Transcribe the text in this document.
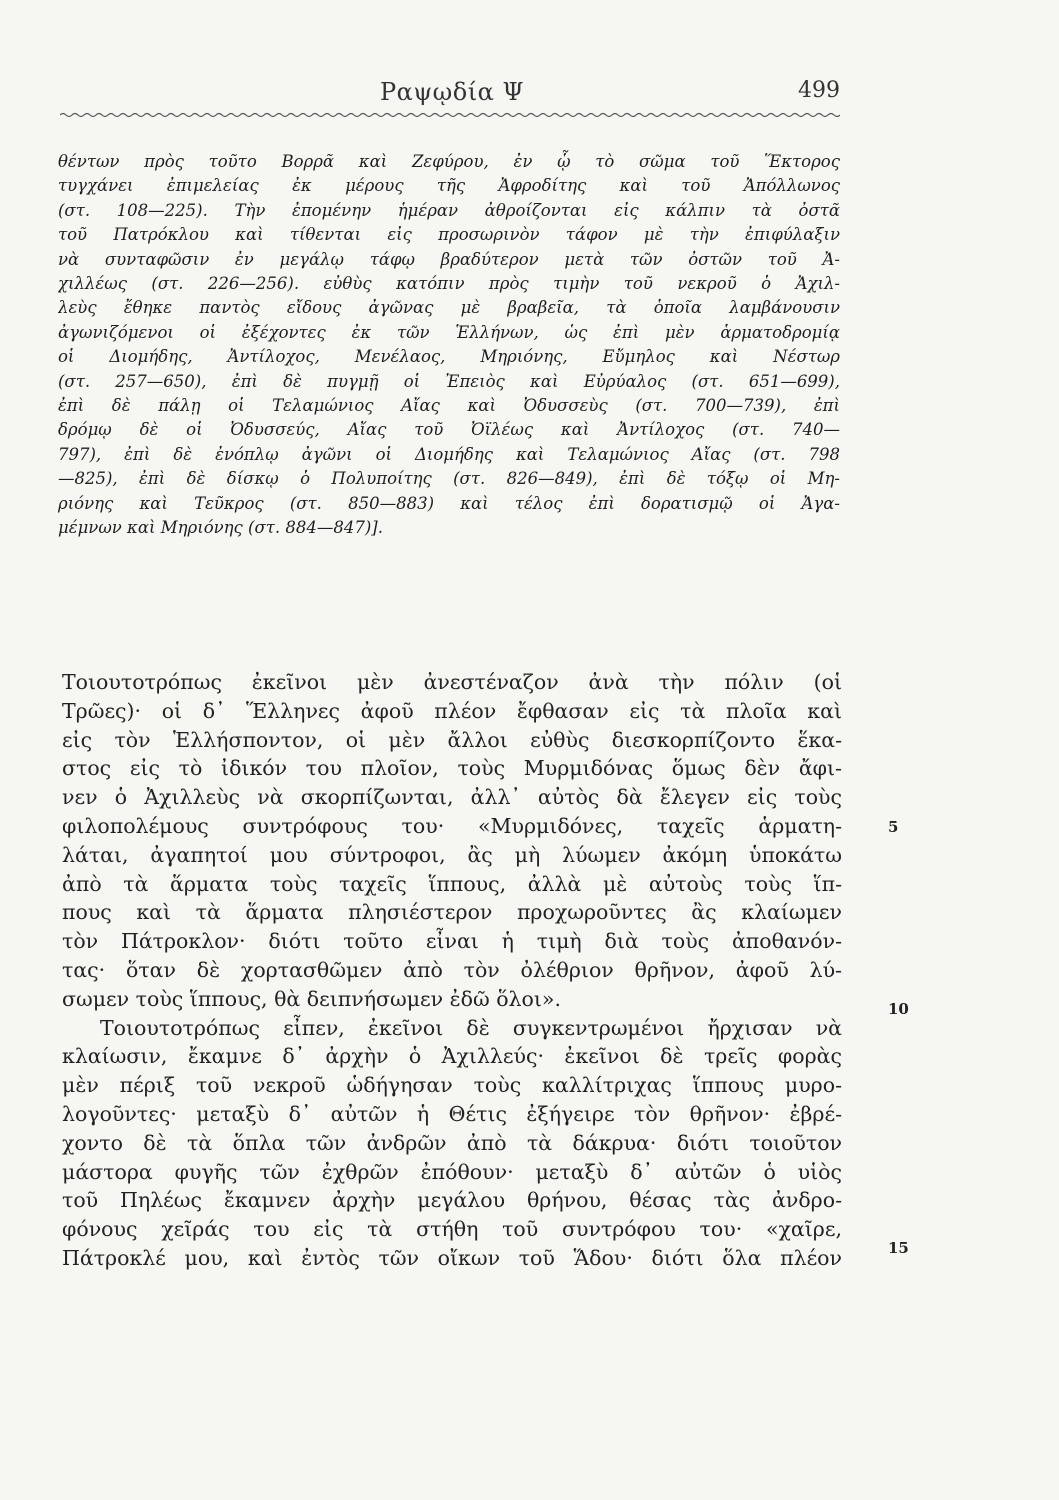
Ραψῳδία Ψ	499
θέντων πρὸς τοῦτο Βορρᾶ καὶ Ζεφύρου, ἐν ᾧ τὸ σῶμα τοῦ Ἕκτορος
τυγχάνει ἐπιμελείας ἐκ μέρους τῆς Ἀφροδίτης καὶ τοῦ Ἀπόλλωνος
(στ. 108—225). Τὴν ἐπομένην ἡμέραν ἀθροίζονται εἰς κάλπιν τὰ ὀστᾶ
τοῦ Πατρόκλου καὶ τίθενται εἰς προσωρινὸν τάφον μὲ τὴν ἐπιφύλαξιν
νὰ συνταφῶσιν ἐν μεγάλῳ τάφῳ βραδύτερον μετὰ τῶν ὀστῶν τοῦ Ἀ-
χιλλέως (στ. 226—256). εὐθὺς κατόπιν πρὸς τιμὴν τοῦ νεκροῦ ὁ Ἀχιλ-
λεὺς ἔθηκε παντὸς εἴδους ἀγῶνας μὲ βραβεῖα, τὰ ὁποῖα λαμβάνουσιν
ἀγωνιζόμενοι οἱ ἐξέχοντες ἐκ τῶν Ἑλλήνων, ὡς ἐπὶ μὲν ἁρματοδρομίᾳ
οἱ Διομήδης, Ἀντίλοχος, Μενέλαος, Μηριόνης, Εὔμηλος καὶ Νέστωρ
(στ. 257—650), ἐπὶ δὲ πυγμῇ οἱ Ἐπειὸς καὶ Εὐρύαλος (στ. 651—699),
ἐπὶ δὲ πάλῃ οἱ Τελαμώνιος Αἴας καὶ Ὀδυσσεὺς (στ. 700—739), ἐπὶ
δρόμῳ δὲ οἱ Ὀδυσσεύς, Αἴας τοῦ Ὀϊλέως καὶ Ἀντίλοχος (στ. 740—
797), ἐπὶ δὲ ἐνόπλῳ ἀγῶνι οἱ Διομήδης καὶ Τελαμώνιος Αἴας (στ. 798
—825), ἐπὶ δὲ δίσκῳ ὁ Πολυποίτης (στ. 826—849), ἐπὶ δὲ τόξῳ οἱ Μη-
ριόνης καὶ Τεῦκρος (στ. 850—883) καὶ τέλος ἐπὶ δορατισμῷ οἱ Ἀγα-
μέμνων καὶ Μηριόνης (στ. 884—847)].
Τοιουτοτρόπως ἐκεῖνοι μὲν ἀνεστέναζον ἀνὰ τὴν πόλιν (οἱ
Τρῶες)· οἱ δ᾽ Ἕλληνες ἀφοῦ πλέον ἔφθασαν εἰς τὰ πλοῖα καὶ
εἰς τὸν Ἑλλήσποντον, οἱ μὲν ἄλλοι εὐθὺς διεσκορπίζοντο ἕκα-
στος εἰς τὸ ἰδικόν του πλοῖον, τοὺς Μυρμιδόνας ὅμως δὲν ἄφι-
νεν ὁ Ἀχιλλεὺς νὰ σκορπίζωνται, ἀλλ᾽ αὐτὸς δὰ ἔλεγεν εἰς τοὺς
φιλοπολέμους συντρόφους του· «Μυρμιδόνες, ταχεῖς ἁρματη-
λάται, ἀγαπητοί μου σύντροφοι, ἂς μὴ λύωμεν ἀκόμη ὑποκάτω
ἀπὸ τὰ ἅρματα τοὺς ταχεῖς ἵππους, ἀλλὰ μὲ αὐτοὺς τοὺς ἵπ-
πους καὶ τὰ ἅρματα πλησιέστερον προχωροῦντες ἂς κλαίωμεν
τὸν Πάτροκλον· διότι τοῦτο εἶναι ἡ τιμὴ διὰ τοὺς ἀποθανόν-
τας· ὅταν δὲ χορτασθῶμεν ἀπὸ τὸν ὀλέθριον θρῆνον, ἀφοῦ λύ-
σωμεν τοὺς ἵππους, θὰ δειπνήσωμεν ἐδῶ ὅλοι».
Τοιουτοτρόπως εἶπεν, ἐκεῖνοι δὲ συγκεντρωμένοι ἤρχισαν νὰ
κλαίωσιν, ἔκαμνε δ᾽ ἀρχὴν ὁ Ἀχιλλεύς· ἐκεῖνοι δὲ τρεῖς φορὰς
μὲν πέριξ τοῦ νεκροῦ ὡδήγησαν τοὺς καλλίτριχας ἵππους μυρο-
λογοῦντες· μεταξὺ δ᾽ αὐτῶν ἡ Θέτις ἐξήγειρε τὸν θρῆνον· ἐβρέ-
χοντο δὲ τὰ ὅπλα τῶν ἀνδρῶν ἀπὸ τὰ δάκρυα· διότι τοιοῦτον
μάστορα φυγῆς τῶν ἐχθρῶν ἐπόθουν· μεταξὺ δ᾽ αὐτῶν ὁ υἱὸς
τοῦ Πηλέως ἔκαμνεν ἀρχὴν μεγάλου θρήνου, θέσας τὰς ἀνδρο-
φόνους χεῖράς του εἰς τὰ στήθη τοῦ συντρόφου του· «χαῖρε,
Πάτροκλέ μου, καὶ ἐντὸς τῶν οἴκων τοῦ Ἅδου· διότι ὅλα πλέον
5
10
15
